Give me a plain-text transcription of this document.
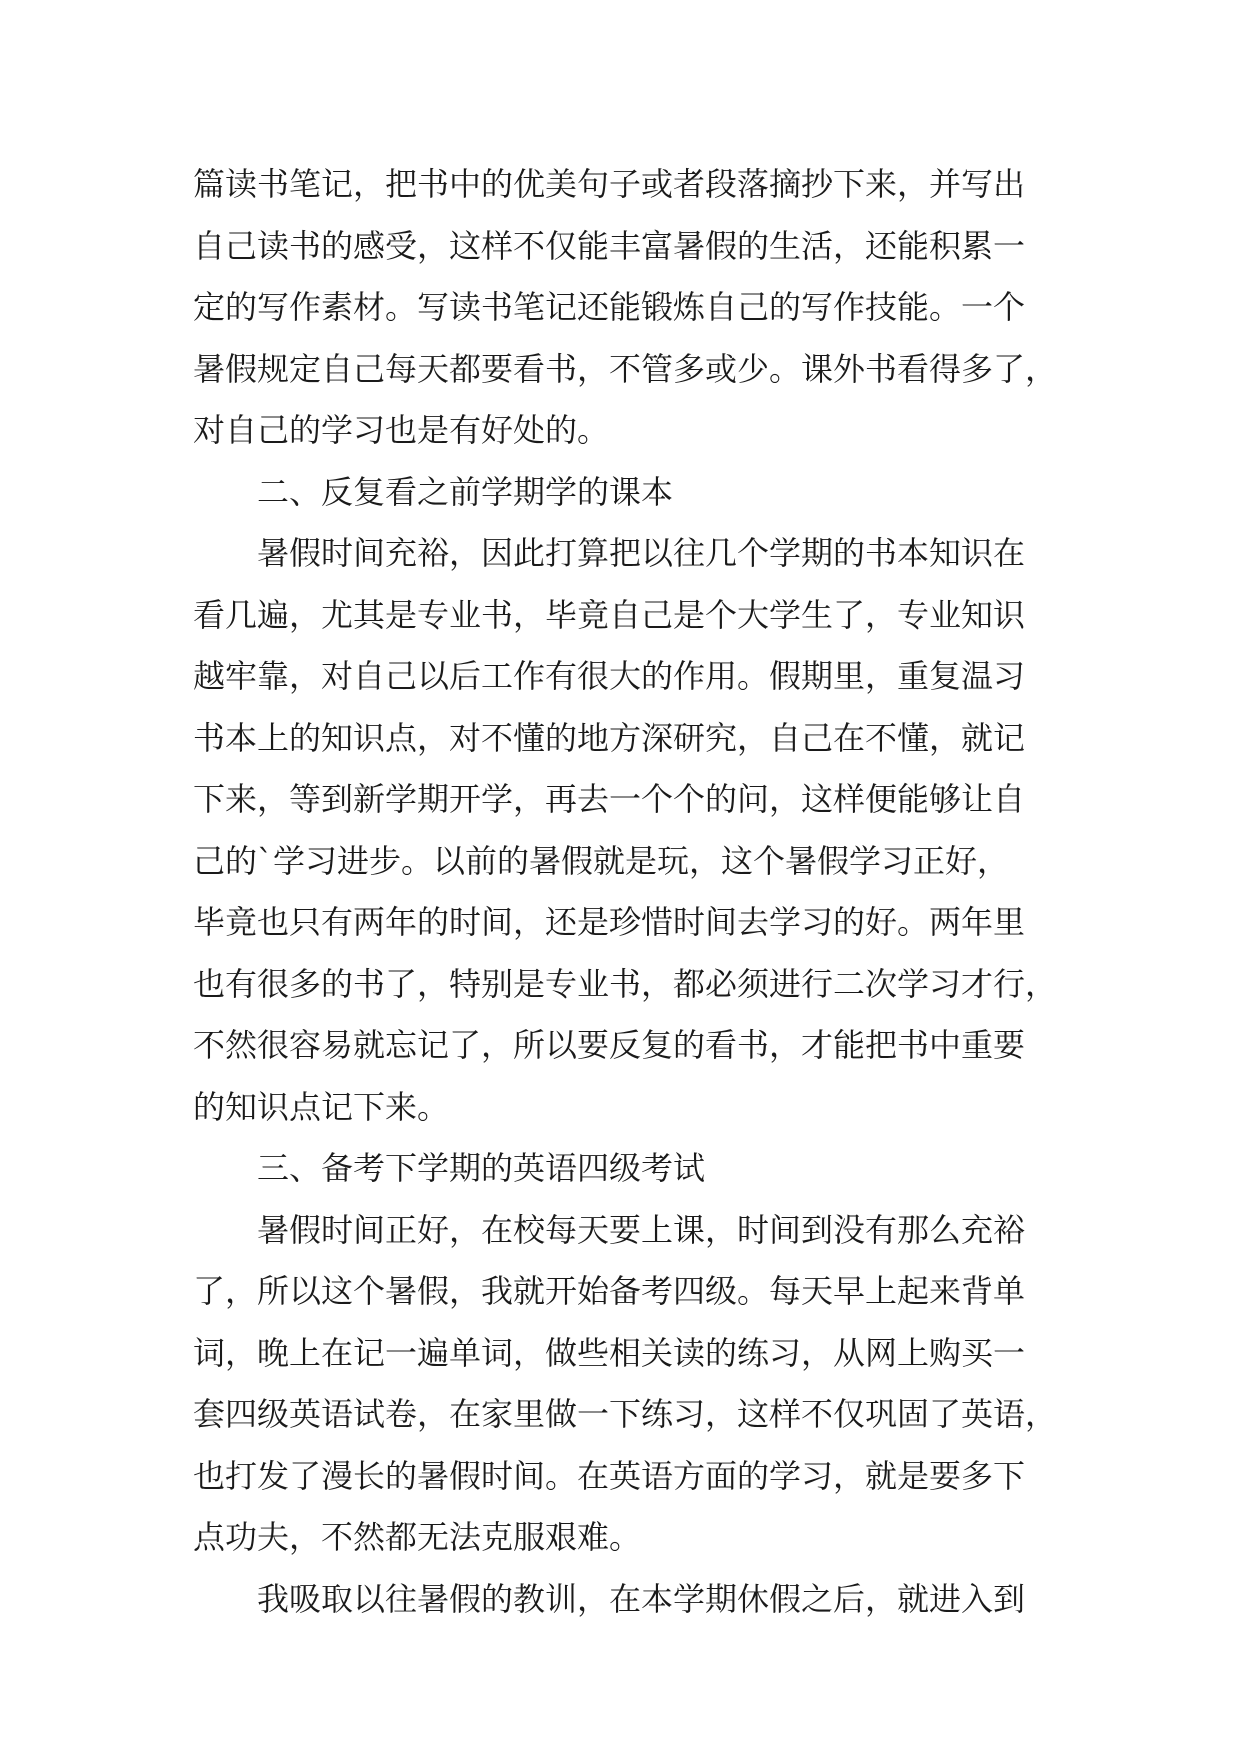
篇读书笔记，把书中的优美句子或者段落摘抄下来，并写出
自己读书的感受，这样不仅能丰富暑假的生活，还能积累一
定的写作素材。写读书笔记还能锻炼自己的写作技能。一个
暑假规定自己每天都要看书，不管多或少。课外书看得多了，
对自己的学习也是有好处的。
二、反复看之前学期学的课本
暑假时间充裕，因此打算把以往几个学期的书本知识在
看几遍，尤其是专业书，毕竟自己是个大学生了，专业知识
越牢靠，对自己以后工作有很大的作用。假期里，重复温习
书本上的知识点，对不懂的地方深研究，自己在不懂，就记
下来，等到新学期开学，再去一个个的问，这样便能够让自
己的`学习进步。以前的暑假就是玩，这个暑假学习正好，
毕竟也只有两年的时间，还是珍惜时间去学习的好。两年里
也有很多的书了，特别是专业书，都必须进行二次学习才行，
不然很容易就忘记了，所以要反复的看书，才能把书中重要
的知识点记下来。
三、备考下学期的英语四级考试
暑假时间正好，在校每天要上课，时间到没有那么充裕
了，所以这个暑假，我就开始备考四级。每天早上起来背单
词，晚上在记一遍单词，做些相关读的练习，从网上购买一
套四级英语试卷，在家里做一下练习，这样不仅巩固了英语，
也打发了漫长的暑假时间。在英语方面的学习，就是要多下
点功夫，不然都无法克服艰难。
我吸取以往暑假的教训，在本学期休假之后，就进入到
